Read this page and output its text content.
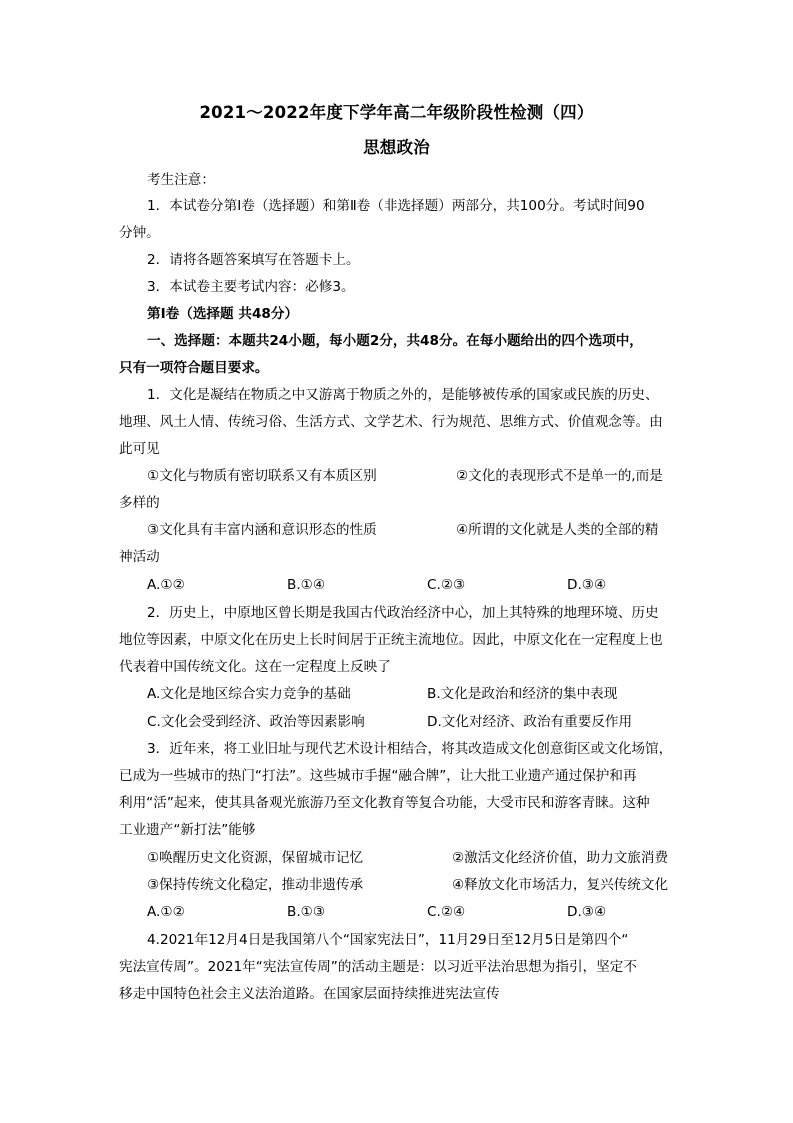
2021～2022年度下学年高二年级阶段性检测（四）
思想政治
考生注意：
1．本试卷分第Ⅰ卷（选择题）和第Ⅱ卷（非选择题）两部分，共100分。考试时间90
分钟。
2．请将各题答案填写在答题卡上。
3．本试卷主要考试内容：必修3。
第Ⅰ卷（选择题 共48分）
一、选择题：本题共24小题，每小题2分，共48分。在每小题给出的四个选项中，
只有一项符合题目要求。
1．文化是凝结在物质之中又游离于物质之外的，是能够被传承的国家或民族的历史、
地理、风土人情、传统习俗、生活方式、文学艺术、行为规范、思维方式、价值观念等。由
此可见
①文化与物质有密切联系又有本质区别	②文化的表现形式不是单一的,而是
多样的
③文化具有丰富内涵和意识形态的性质	④所谓的文化就是人类的全部的精
神活动
A.①②	B.①④	C.②③	D.③④
2．历史上，中原地区曾长期是我国古代政治经济中心，加上其特殊的地理环境、历史
地位等因素，中原文化在历史上长时间居于正统主流地位。因此，中原文化在一定程度上也
代表着中国传统文化。这在一定程度上反映了
A.文化是地区综合实力竞争的基础	B.文化是政治和经济的集中表现
C.文化会受到经济、政治等因素影响	D.文化对经济、政治有重要反作用
3．近年来，将工业旧址与现代艺术设计相结合，将其改造成文化创意街区或文化场馆，
已成为一些城市的热门“打法”。这些城市手握“融合牌”，让大批工业遗产通过保护和再
利用“活”起来，使其具备观光旅游乃至文化教育等复合功能，大受市民和游客青睐。这种
工业遗产“新打法”能够
①唤醒历史文化资源，保留城市记忆	②激活文化经济价值，助力文旅消费
③保持传统文化稳定，推动非遗传承	④释放文化市场活力，复兴传统文化
A.①②	B.①③	C.②④	D.③④
4.2021年12月4日是我国第八个“国家宪法日”，11月29日至12月5日是第四个“
宪法宣传周”。2021年“宪法宣传周”的活动主题是：以习近平法治思想为指引，坚定不
移走中国特色社会主义法治道路。在国家层面持续推进宪法宣传
